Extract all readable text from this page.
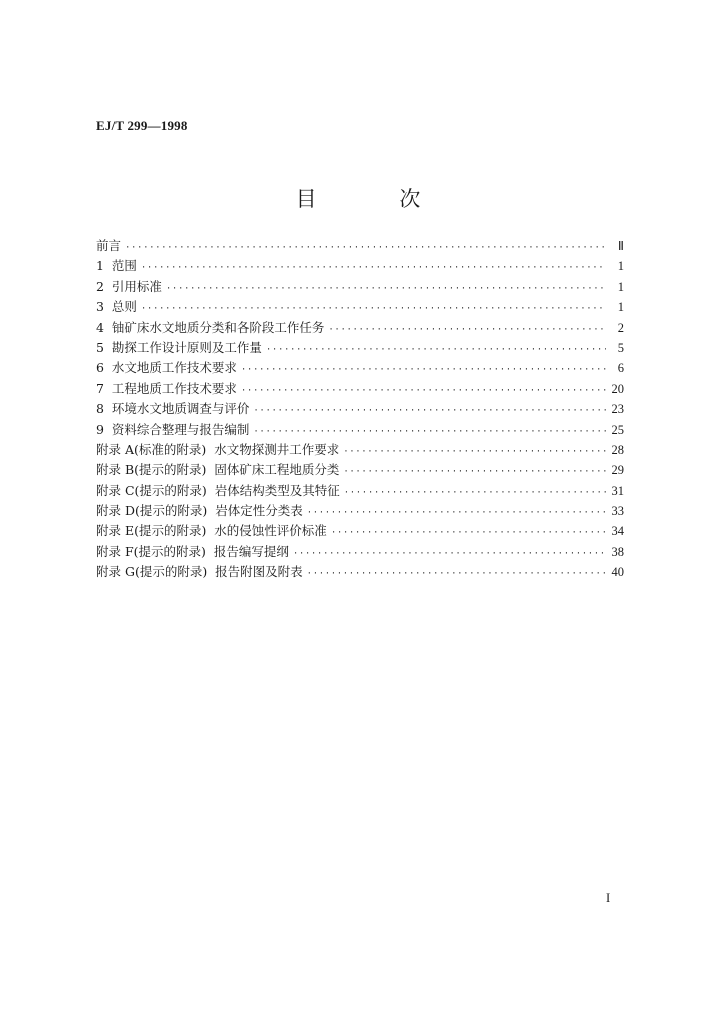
EJ/T 299—1998
目 次
前言 ·····	Ⅱ
1  范围 ·····	1
2  引用标准 ·····	1
3  总则 ·····	1
4  铀矿床水文地质分类和各阶段工作任务 ·····	2
5  勘探工作设计原则及工作量 ·····	5
6  水文地质工作技术要求 ·····	6
7  工程地质工作技术要求 ·····	20
8  环境水文地质调查与评价 ·····	23
9  资料综合整理与报告编制 ·····	25
附录 A(标准的附录)  水文物探测井工作要求 ·····	28
附录 B(提示的附录)  固体矿床工程地质分类 ·····	29
附录 C(提示的附录)  岩体结构类型及其特征 ·····	31
附录 D(提示的附录)  岩体定性分类表 ·····	33
附录 E(提示的附录)  水的侵蚀性评价标准 ·····	34
附录 F(提示的附录)  报告编写提纲 ·····	38
附录 G(提示的附录)  报告附图及附表 ·····	40
I
